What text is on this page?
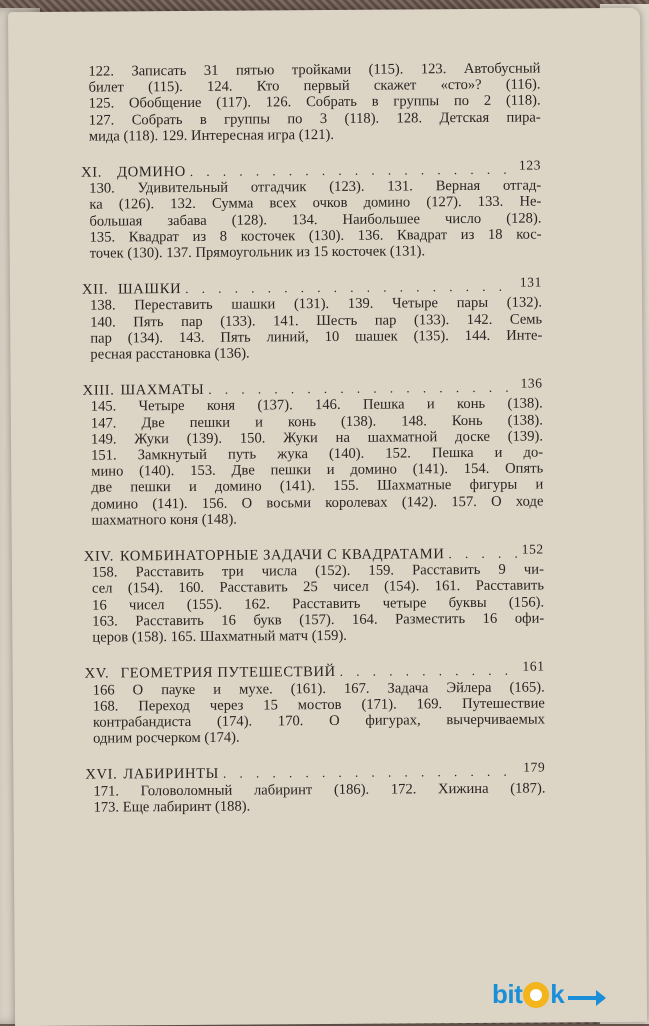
122. Записать 31 пятью тройками (115). 123. Автобусный
билет (115). 124. Кто первый скажет «сто»? (116).
125. Обобщение (117). 126. Собрать в группы по 2 (118).
127. Собрать в группы по 3 (118). 128. Детская пира-
мида (118). 129. Интересная игра (121).
XI.	ДОМИНО . . .	123
130. Удивительный отгадчик (123). 131. Верная отгад-
ка (126). 132. Сумма всех очков домино (127). 133. Не-
большая забава (128). 134. Наибольшее число (128).
135. Квадрат из 8 косточек (130). 136. Квадрат из 18 кос-
точек (130). 137. Прямоугольник из 15 косточек (131).
XII. ШАШКИ . . .	131
138. Переставить шашки (131). 139. Четыре пары (132).
140. Пять пар (133). 141. Шесть пар (133). 142. Семь
пар (134). 143. Пять линий, 10 шашек (135). 144. Инте-
ресная расстановка (136).
XIII. ШАХМАТЫ . . .	136
145. Четыре коня (137). 146. Пешка и конь (138).
147. Две пешки и конь (138). 148. Конь (138).
149. Жуки (139). 150. Жуки на шахматной доске (139).
151. Замкнутый путь жука (140). 152. Пешка и до-
мино (140). 153. Две пешки и домино (141). 154. Опять
две пешки и домино (141). 155. Шахматные фигуры и
домино (141). 156. О восьми королевах (142). 157. О ходе
шахматного коня (148).
XIV. КОМБИНАТОРНЫЕ ЗАДАЧИ С КВАДРАТАМИ . . .	152
158. Расставить три числа (152). 159. Расставить 9 чи-
сел (154). 160. Расставить 25 чисел (154). 161. Расставить
16 чисел (155). 162. Расставить четыре буквы (156).
163. Расставить 16 букв (157). 164. Разместить 16 офи-
церов (158). 165. Шахматный матч (159).
XV. ГЕОМЕТРИЯ ПУТЕШЕСТВИЙ . . .	161
166 О пауке и мухе. (161). 167. Задача Эйлера (165).
168. Переход через 15 мостов (171). 169. Путешествие
контрабандиста (174). 170. О фигурах, вычерчиваемых
одним росчерком (174).
XVI. ЛАБИРИНТЫ . . .	179
171. Головоломный лабиринт (186). 172. Хижина (187).
173. Еще лабиринт (188).
bit k
